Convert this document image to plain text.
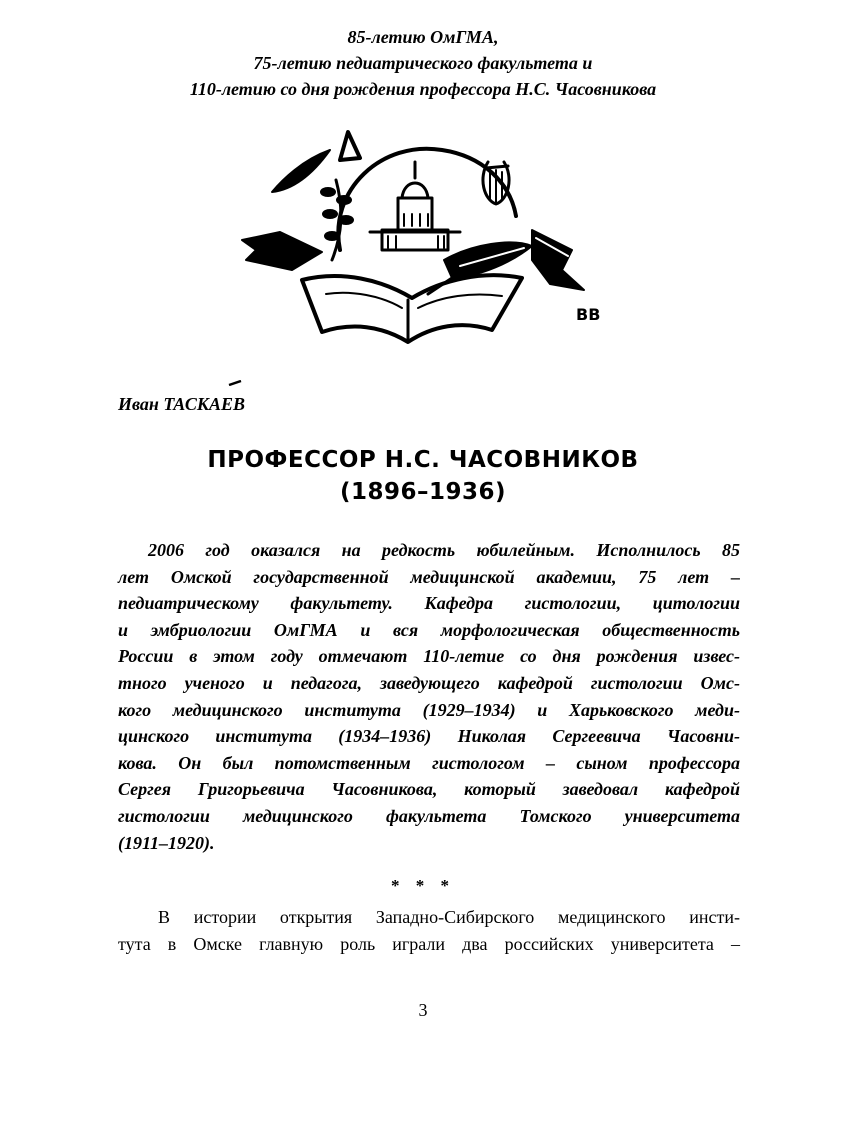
85-летию ОмГМА,
75-летию педиатрического факультета и
110-летию со дня рождения профессора Н.С. Часовникова
ВВ
Иван ТАСКАЕВ
ПРОФЕССОР Н.С. ЧАСОВНИКОВ
(1896–1936)
2006 год оказался на редкость юбилейным. Исполнилось 85
лет Омской государственной медицинской академии, 75 лет –
педиатрическому факультету. Кафедра гистологии, цитологии
и эмбриологии ОмГМА и вся морфологическая общественность
России в этом году отмечают 110-летие со дня рождения извес-
тного ученого и педагога, заведующего кафедрой гистологии Омс-
кого медицинского института (1929–1934) и Харьковского меди-
цинского института (1934–1936) Николая Сергеевича Часовни-
кова. Он был потомственным гистологом – сыном профессора
Сергея Григорьевича Часовникова, который заведовал кафедрой
гистологии медицинского факультета Томского университета
(1911–1920).
* * *
В истории открытия Западно-Сибирского медицинского инсти-
тута в Омске главную роль играли два российских университета –
3
